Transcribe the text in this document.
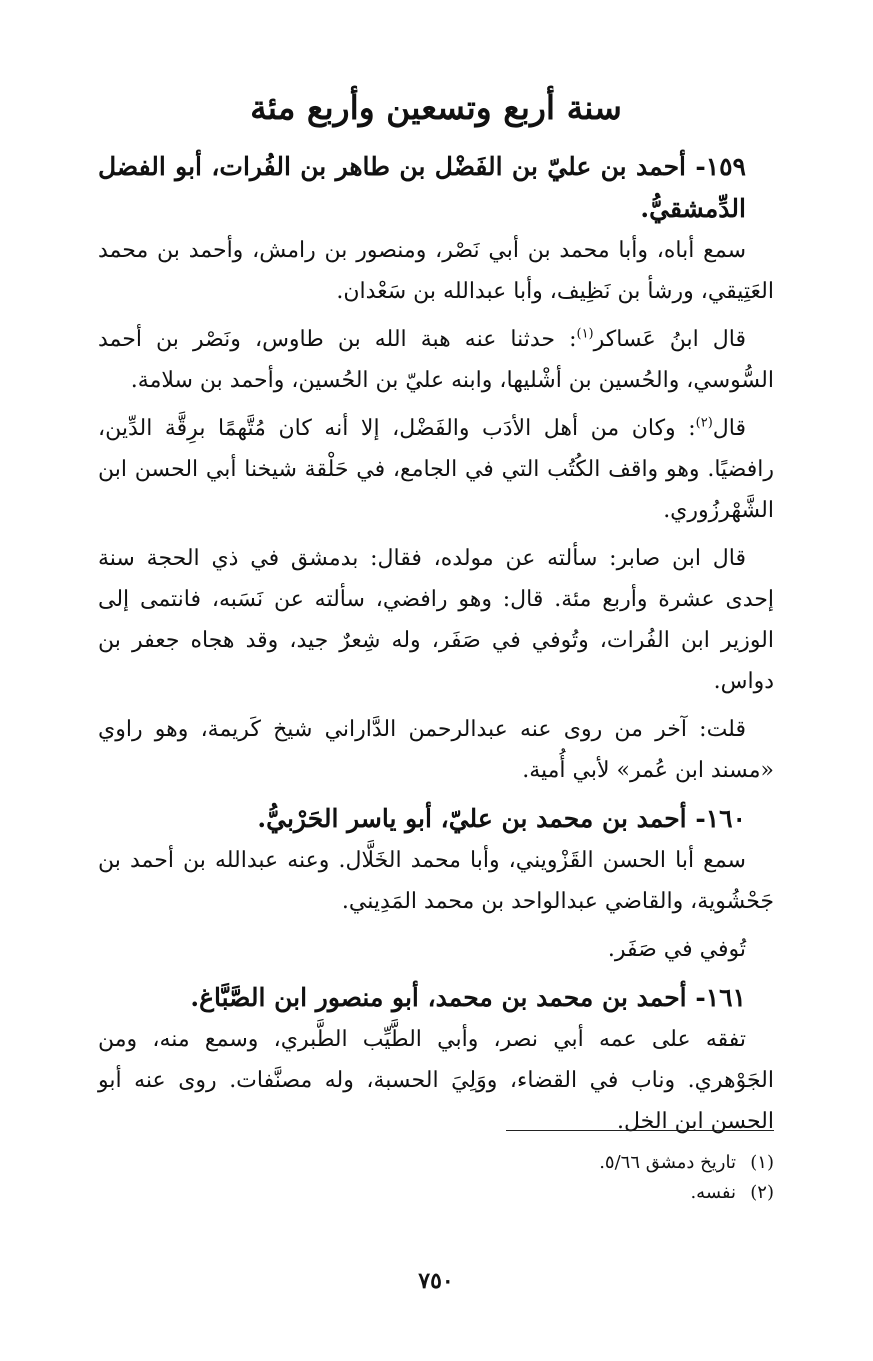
سنة أربع وتسعين وأربع مئة

١٥٩- أحمد بن عليّ بن الفَضْل بن طاهر بن الفُرات، أبو الفضل الدِّمشقيُّ.

سمع أباه، وأبا محمد بن أبي نَصْر، ومنصور بن رامش، وأحمد بن محمد العَتِيقي، ورشأ بن نَظِيف، وأبا عبدالله بن سَعْدان.

قال ابنُ عَساكر$^{(١)}$: حدثنا عنه هبة الله بن طاوس، ونَصْر بن أحمد السُّوسي، والحُسين بن أشْليها، وابنه عليّ بن الحُسين، وأحمد بن سلامة.

قال$^{(٢)}$: وكان من أهل الأدَب والفَضْل، إلا أنه كان مُتَّهمًا برِقَّة الدِّين، رافضيًا. وهو واقف الكُتُب التي في الجامع، في حَلْقة شيخنا أبي الحسن ابن الشَّهْرزُوري.

قال ابن صابر: سألته عن مولده، فقال: بدمشق في ذي الحجة سنة إحدى عشرة وأربع مئة. قال: وهو رافضي، سألته عن نَسَبه، فانتمى إلى الوزير ابن الفُرات، وتُوفي في صَفَر، وله شِعرٌ جيد، وقد هجاه جعفر بن دواس.

قلت: آخر من روى عنه عبدالرحمن الدَّاراني شيخ كَريمة، وهو راوي «مسند ابن عُمر» لأبي أُمية.

١٦٠- أحمد بن محمد بن عليّ، أبو ياسر الحَرْبيُّ.

سمع أبا الحسن القَزْويني، وأبا محمد الخَلَّال. وعنه عبدالله بن أحمد بن جَحْشُوية، والقاضي عبدالواحد بن محمد المَدِيني.

تُوفي في صَفَر.

١٦١- أحمد بن محمد بن محمد، أبو منصور ابن الصَّبَّاغ.

تفقه على عمه أبي نصر، وأبي الطَّيِّب الطَّبري، وسمع منه، ومن الجَوْهري. وناب في القضاء، ووَلِيَ الحسبة، وله مصنَّفات. روى عنه أبو الحسن ابن الخل.

(١)تاريخ دمشق ٥/٦٦.
(٢)نفسه.
٧٥٠
